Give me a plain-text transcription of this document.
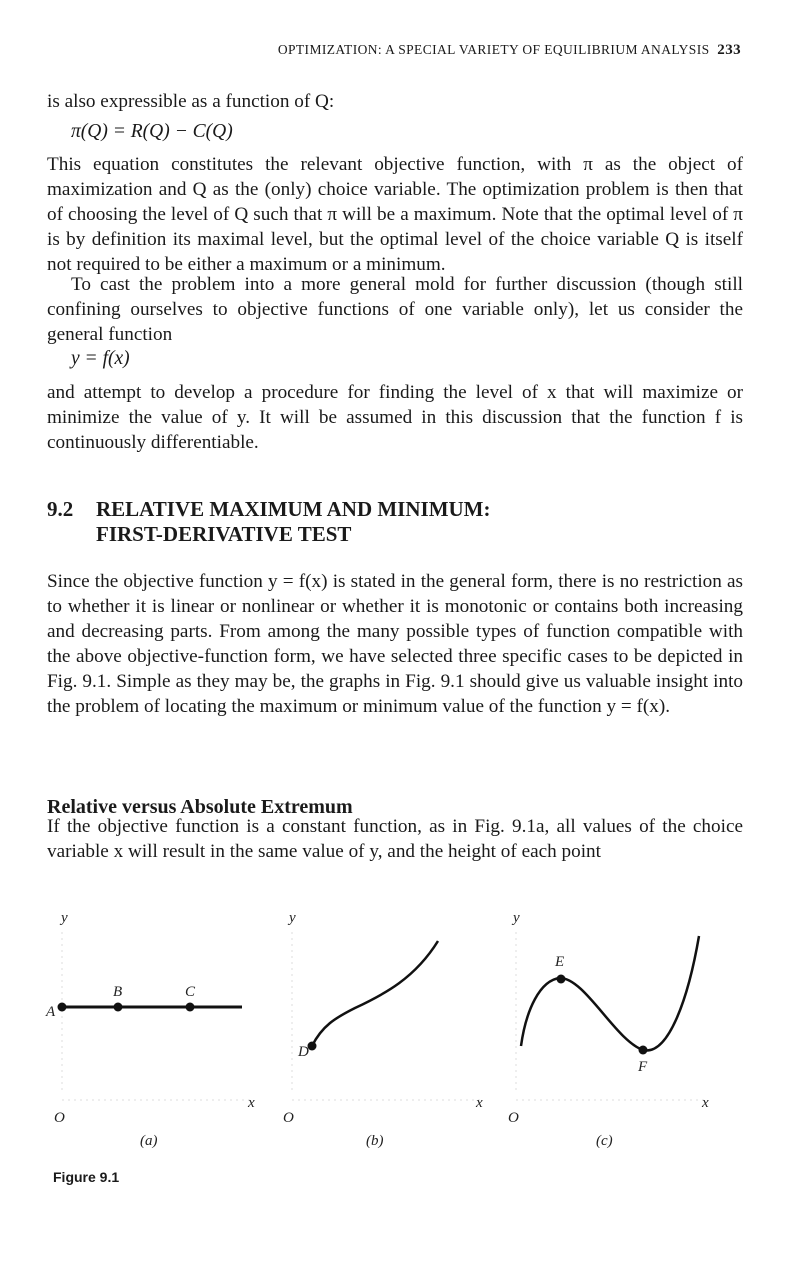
OPTIMIZATION: A SPECIAL VARIETY OF EQUILIBRIUM ANALYSIS 233
is also expressible as a function of Q:
π(Q) = R(Q) − C(Q)
This equation constitutes the relevant objective function, with π as the object of maximization and Q as the (only) choice variable. The optimization problem is then that of choosing the level of Q such that π will be a maximum. Note that the optimal level of π is by definition its maximal level, but the optimal level of the choice variable Q is itself not required to be either a maximum or a minimum.
To cast the problem into a more general mold for further discussion (though still confining ourselves to objective functions of one variable only), let us consider the general function
y = f(x)
and attempt to develop a procedure for finding the level of x that will maximize or minimize the value of y. It will be assumed in this discussion that the function f is continuously differentiable.
9.2 RELATIVE MAXIMUM AND MINIMUM:
FIRST-DERIVATIVE TEST
Since the objective function y = f(x) is stated in the general form, there is no restriction as to whether it is linear or nonlinear or whether it is monotonic or contains both increasing and decreasing parts. From among the many possible types of function compatible with the above objective-function form, we have selected three specific cases to be depicted in Fig. 9.1. Simple as they may be, the graphs in Fig. 9.1 should give us valuable insight into the problem of locating the maximum or minimum value of the function y = f(x).
Relative versus Absolute Extremum
If the objective function is a constant function, as in Fig. 9.1a, all values of the choice variable x will result in the same value of y, and the height of each point
y
A
B	C
x
O
(a)
y
D
x
O
(b)
y
E
F
x
O
(c)
Figure 9.1
